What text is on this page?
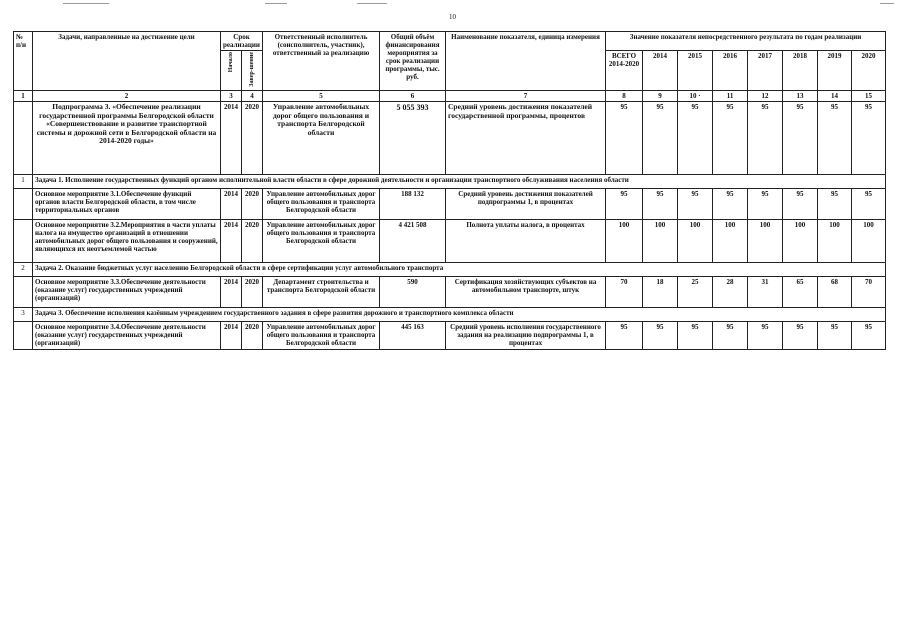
10
№ п/н	Задачи, направленные на достижение цели	Срок реализации		Ответственный исполнитель (соисполнитель, участник), ответственный за реализацию	Общий объём финансирования мероприятия за срок реализации программы, тыс. руб.	Наименование показателя, единица измерения	Значение показателя непосредственного результата по годам реализации							
		Начало	Завер-шение				ВСЕГО 2014-2020	2014	2015	2016	2017	2018	2019	2020
1	2	3	4	5	6	7	8	9	10 ·	11	12	13	14	15
	Подпрограмма 3. «Обеспечение реализации государственной программы Белгородской области «Совершенствование и развитие транспортной системы и дорожной сети в Белгородской области на 2014-2020 годы»	2014	2020	Управление автомобильных дорог общего пользования и транспорта Белгородской области	5 055 393	Средний уровень достижения показателей государственной программы, процентов	95	95	95	95	95	95	95	95
1	Задача 1. Исполнение государственных функций органом исполнительной власти области в сфере дорожной деятельности и организации транспортного обслуживания населения области													
	Основное мероприятие 3.1.Обеспечение функций органов власти Белгородской области, в том числе территориальных органов	2014	2020	Управление автомобильных дорог общего пользования и транспорта Белгородской области	188 132	Средний уровень достижения показателей подпрограммы 1, в процентах	95	95	95	95	95	95	95	95
	Основное мероприятие 3.2.Мероприятия в части уплаты налога на имущество организаций в отношении автомобильных дорог общего пользования и сооружений, являющихся их неотъемлемой частью	2014	2020	Управление автомобильных дорог общего пользования и транспорта Белгородской области	4 421 508	Полнота уплаты налога, в процентах	100	100	100	100	100	100	100	100
2	Задача 2. Оказание бюджетных услуг населению Белгородской области в сфере сертификации услуг автомобильного транспорта													
	Основное мероприятие 3.3.Обеспечение деятельности (оказание услуг) государственных учреждений (организаций)	2014	2020	Департамент строительства и транспорта Белгородской области	590	Сертификация хозяйствующих субъектов на автомобильном транспорте, штук	70	18	25	28	31	65	68	70
3	Задача 3. Обеспечение исполнения казённым учреждением государственного задания в сфере развития дорожного и транспортного комплекса области													
	Основное мероприятие 3.4.Обеспечение деятельности (оказание услуг) государственных учреждений (организаций)	2014	2020	Управление автомобильных дорог общего пользования и транспорта Белгородской области	445 163	Средний уровень исполнения государственного задания на реализацию подпрограммы 1, в процентах	95	95	95	95	95	95	95	95
